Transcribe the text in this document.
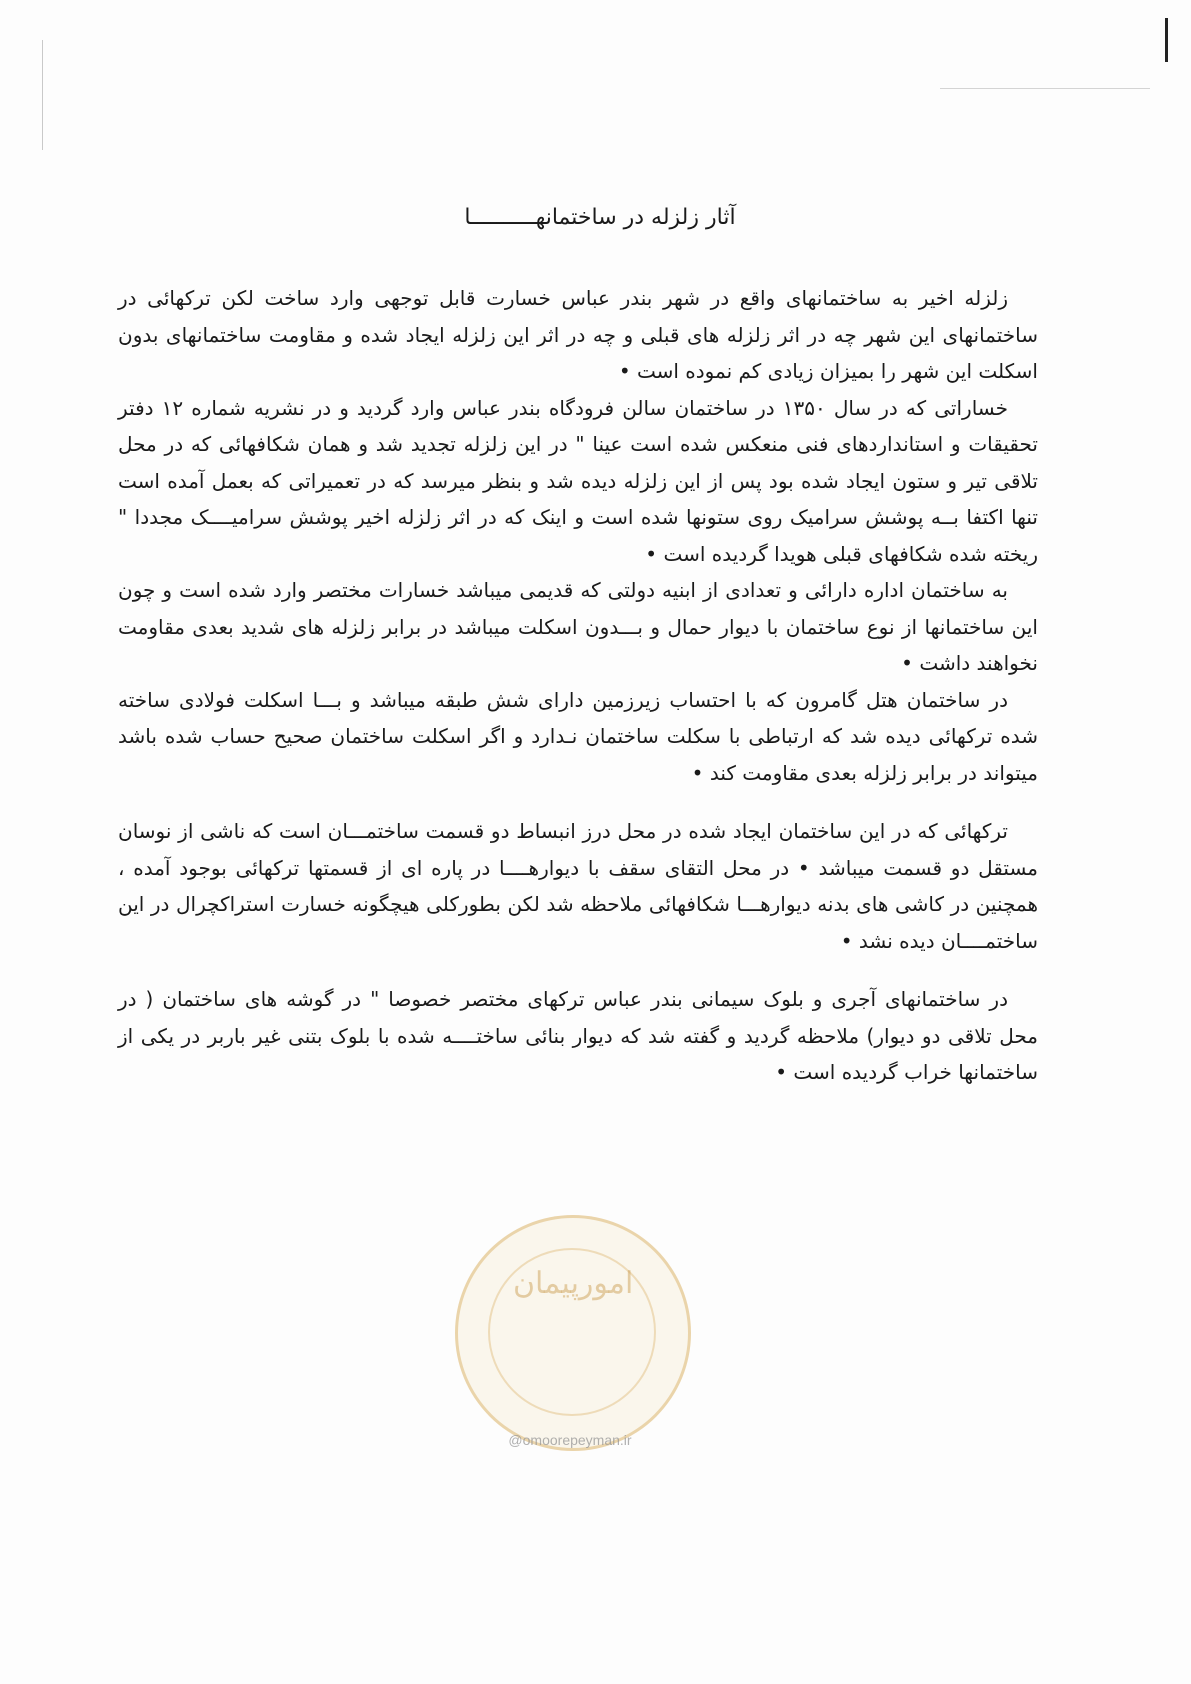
آثار زلزله در ساختمانهــــــــــا

زلزله اخیر به ساختمانهای واقع در شهر بندر عباس خسارت قابل توجهی وارد ساخت لکن ترکهائی در ساختمانهای این شهر چه در اثر زلزله های قبلی و چه در اثر این زلزله ایجاد شده و مقاومت ساختمانهای بدون اسکلت این شهر را بمیزان زیادی کم نموده است •

خساراتی که در سال ۱۳۵۰ در ساختمان سالن فرودگاه بندر عباس وارد گردید و در نشریه شماره ۱۲ دفتر تحقیقات و استانداردهای فنی منعکس شده است عینا " در این زلزله تجدید شد و همان شکافهائی که در محل تلاقی تیر و ستون ایجاد شده بود پس از این زلزله دیده شد و بنظر میرسد که در تعمیراتی که بعمل آمده است تنها اکتفا بــه پوشش سرامیک روی ستونها شده است و اینک که در اثر زلزله اخیر پوشش سرامیــــک مجددا " ریخته شده شکافهای قبلی هویدا گردیده است •

به ساختمان اداره دارائی و تعدادی از ابنیه دولتی که قدیمی میباشد خسارات مختصر وارد شده است و چون این ساختمانها از نوع ساختمان با دیوار حمال و بـــدون اسکلت میباشد در برابر زلزله های شدید بعدی مقاومت نخواهند داشت •

در ساختمان هتل گامرون که با احتساب زیرزمین دارای شش طبقه میباشد و بـــا اسکلت فولادی ساخته شده ترکهائی دیده شد که ارتباطی با سکلت ساختمان نـدارد و اگر اسکلت ساختمان صحیح حساب شده باشد میتواند در برابر زلزله بعدی مقاومت کند •

ترکهائی که در این ساختمان ایجاد شده در محل درز انبساط دو قسمت ساختمـــان است که ناشی از نوسان مستقل دو قسمت میباشد • در محل التقای سقف با دیوارهــــا در پاره ای از قسمتها ترکهائی بوجود آمده ، همچنین در کاشی های بدنه دیوارهـــا شکافهائی ملاحظه شد لکن بطورکلی هیچگونه خسارت استراکچرال در این ساختمــــان دیده نشد •

در ساختمانهای آجری و بلوک سیمانی بندر عباس ترکهای مختصر خصوصا " در گوشه های ساختمان ( در محل تلاقی دو دیوار) ملاحظه گردید و گفته شد که دیوار بنائی ساختــــه شده با بلوک بتنی غیر باربر در یکی از ساختمانها خراب گردیده است •

امورپیمان
@omoorepeyman.ir
